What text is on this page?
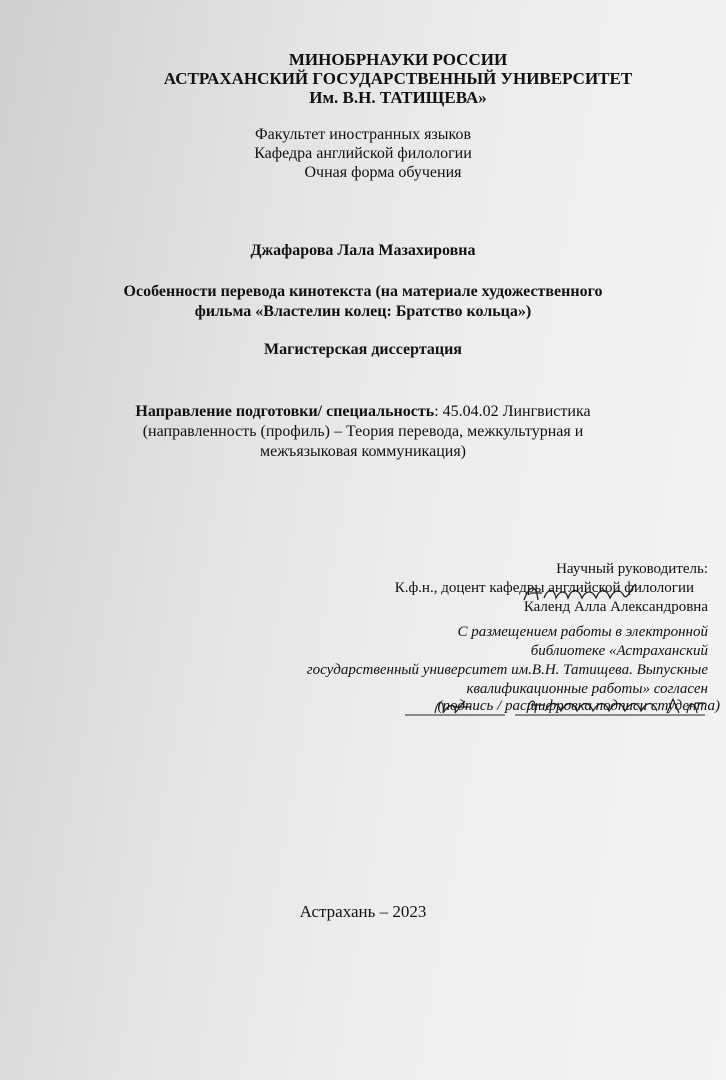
МИНОБРНАУКИ РОССИИ
АСТРАХАНСКИЙ ГОСУДАРСТВЕННЫЙ УНИВЕРСИТЕТ
Им. В.Н. ТАТИЩЕВА»
Факультет иностранных языков
Кафедра английской филологии
Очная форма обучения
Джафарова Лала Мазахировна
Особенности перевода кинотекста (на материале художественного
фильма «Властелин колец: Братство кольца»)
Магистерская диссертация
Направление подготовки/ специальность: 45.04.02 Лингвистика
(направленность (профиль) – Теория перевода, межкультурная и
межъязыковая коммуникация)
Научный руководитель:
К.ф.н., доцент кафедры английской филологии
Календ Алла Александровна
С размещением работы в электронной
библиотеке «Астраханский
государственный университет им.В.Н. Татищева. Выпускные
квалификационные работы» согласен
(подпись / расшифровка подписи студента)
Астрахань – 2023
